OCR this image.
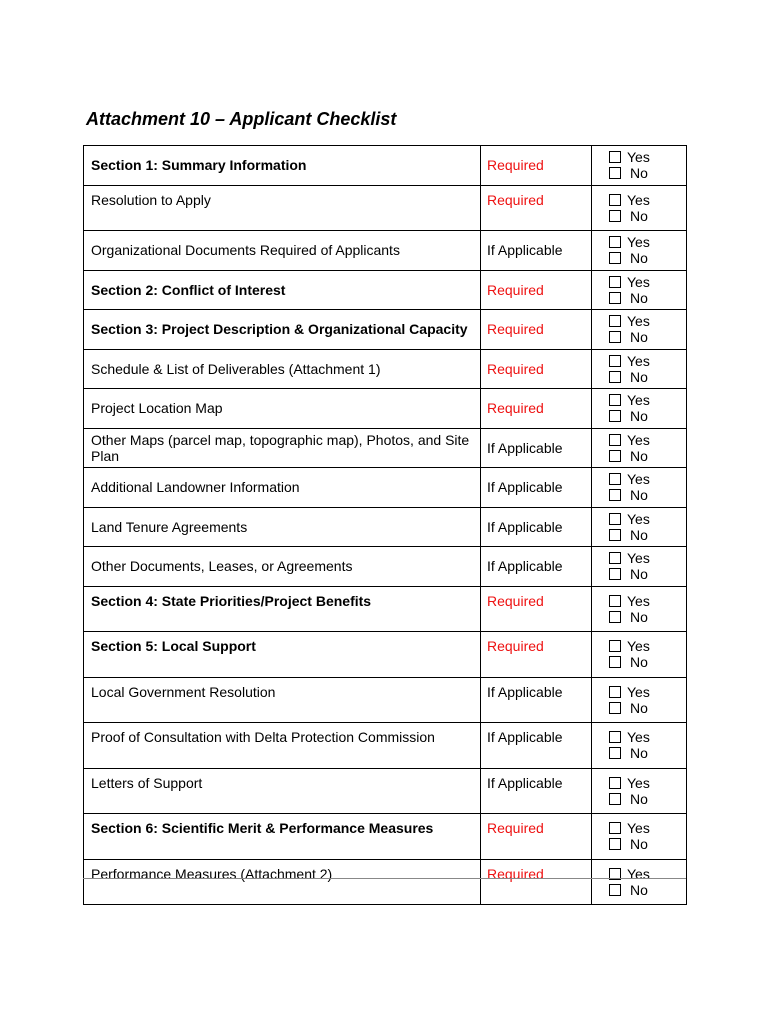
Attachment 10 – Applicant Checklist
Section 1: Summary Information	Required	Yes
No

Resolution to Apply	Required	Yes
No

Organizational Documents Required of Applicants	If Applicable	Yes
No

Section 2: Conflict of Interest	Required	Yes
No

Section 3: Project Description & Organizational Capacity	Required	Yes
No

Schedule & List of Deliverables (Attachment 1)	Required	Yes
No

Project Location Map	Required	Yes
No

Other Maps (parcel map, topographic map), Photos, and Site Plan	If Applicable	Yes
No

Additional Landowner Information	If Applicable	Yes
No

Land Tenure Agreements	If Applicable	Yes
No

Other Documents, Leases, or Agreements	If Applicable	Yes
No

Section 4: State Priorities/Project Benefits	Required	Yes
No

Section 5: Local Support	Required	Yes
No

Local Government Resolution	If Applicable	Yes
No

Proof of Consultation with Delta Protection Commission	If Applicable	Yes
No

Letters of Support	If Applicable	Yes
No

Section 6: Scientific Merit & Performance Measures	Required	Yes
No

Performance Measures (Attachment 2)	Required	Yes
No
